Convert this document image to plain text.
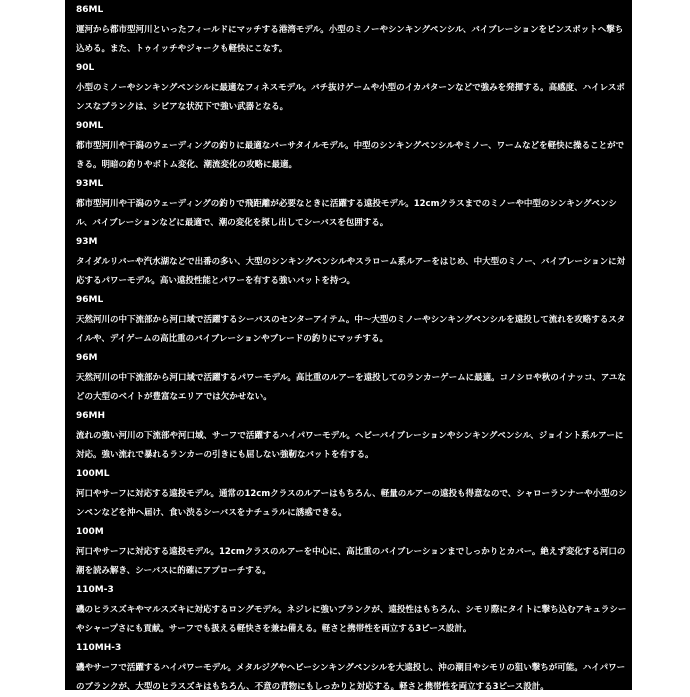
86ML
運河から都市型河川といったフィールドにマッチする港湾モデル。小型のミノーやシンキングペンシル、バイブレーションをピンスポットへ撃ち
込める。また、トゥイッチやジャークも軽快にこなす。
90L
小型のミノーやシンキングペンシルに最適なフィネスモデル。バチ抜けゲームや小型のイカパターンなどで強みを発揮する。高感度、ハイレスポ
ンスなブランクは、シビアな状況下で強い武器となる。
90ML
都市型河川や干潟のウェーディングの釣りに最適なバーサタイルモデル。中型のシンキングペンシルやミノー、ワームなどを軽快に操ることがで
きる。明暗の釣りやボトム変化、潮流変化の攻略に最適。
93ML
都市型河川や干潟のウェーディングの釣りで飛距離が必要なときに活躍する遠投モデル。12cmクラスまでのミノーや中型のシンキングペンシ
ル、バイブレーションなどに最適で、潮の変化を探し出してシーバスを包囲する。
93M
タイダルリバーや汽水湖などで出番の多い、大型のシンキングペンシルやスラローム系ルアーをはじめ、中大型のミノー、バイブレーションに対
応するパワーモデル。高い遠投性能とパワーを有する強いバットを持つ。
96ML
天然河川の中下流部から河口域で活躍するシーバスのセンターアイテム。中～大型のミノーやシンキングペンシルを遠投して流れを攻略するスタ
イルや、デイゲームの高比重のバイブレーションやブレードの釣りにマッチする。
96M
天然河川の中下流部から河口域で活躍するパワーモデル。高比重のルアーを遠投してのランカーゲームに最適。コノシロや秋のイナッコ、アユな
どの大型のベイトが豊富なエリアでは欠かせない。
96MH
流れの強い河川の下流部や河口域、サーフで活躍するハイパワーモデル。ヘビーバイブレーションやシンキングペンシル、ジョイント系ルアーに
対応。強い流れで暴れるランカーの引きにも屈しない強靭なバットを有する。
100ML
河口やサーフに対応する遠投モデル。通常の12cmクラスのルアーはもちろん、軽量のルアーの遠投も得意なので、シャローランナーや小型のシ
ンペンなどを沖へ届け、食い渋るシーバスをナチュラルに誘惑できる。
100M
河口やサーフに対応する遠投モデル。12cmクラスのルアーを中心に、高比重のバイブレーションまでしっかりとカバー。絶えず変化する河口の
潮を読み解き、シーバスに的確にアプローチする。
110M-3
磯のヒラスズキやマルスズキに対応するロングモデル。ネジレに強いブランクが、遠投性はもちろん、シモリ際にタイトに撃ち込むアキュラシー
やシャープさにも貢献。サーフでも扱える軽快さを兼ね備える。軽さと携帯性を両立する3ピース設計。
110MH-3
磯やサーフで活躍するハイパワーモデル。メタルジグやヘビーシンキングペンシルを大遠投し、沖の潮目やシモリの狙い撃ちが可能。ハイパワー
のブランクが、大型のヒラスズキはもちろん、不意の青物にもしっかりと対応する。軽さと携帯性を両立する3ピース設計。
